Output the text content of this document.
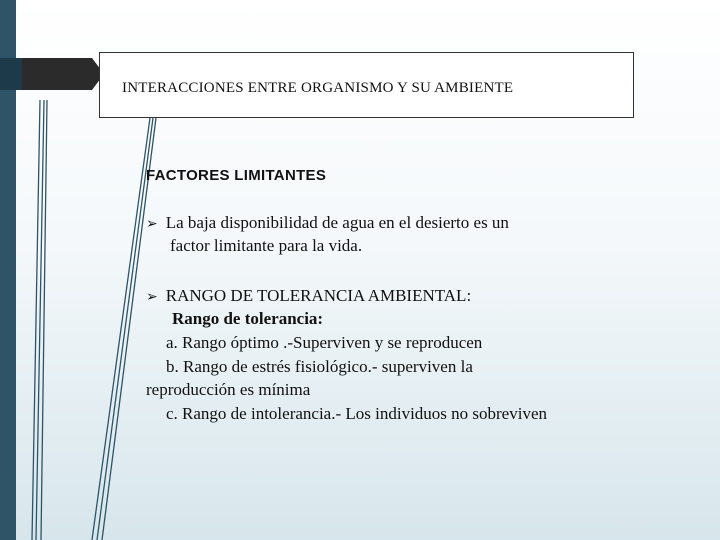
INTERACCIONES ENTRE ORGANISMO Y SU AMBIENTE
FACTORES LIMITANTES
➢ La baja disponibilidad de agua en el desierto es un
factor limitante para la vida.
➢ RANGO DE TOLERANCIA AMBIENTAL:
Rango de tolerancia:
a. Rango óptimo .-Superviven y se reproducen
b. Rango de estrés fisiológico.- superviven la
reproducción es mínima
c. Rango de intolerancia.- Los individuos no sobreviven
